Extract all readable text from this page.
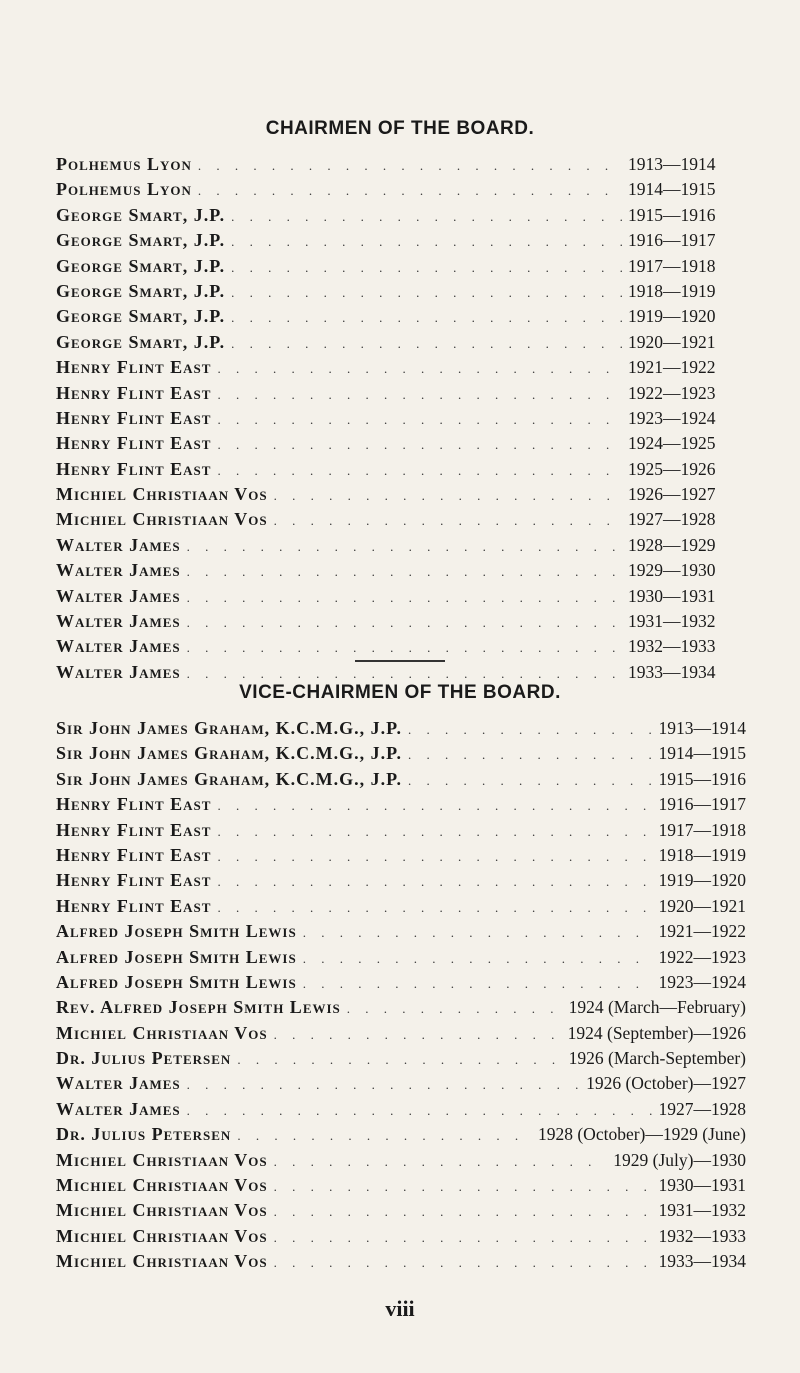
CHAIRMEN OF THE BOARD.
Polhemus Lyon . . .	1913—1914
Polhemus Lyon . . .	1914—1915
George Smart, J.P. . . .	1915—1916
George Smart, J.P. . . .	1916—1917
George Smart, J.P. . . .	1917—1918
George Smart, J.P. . . .	1918—1919
George Smart, J.P. . . .	1919—1920
George Smart, J.P. . . .	1920—1921
Henry Flint East . . .	1921—1922
Henry Flint East . . .	1922—1923
Henry Flint East . . .	1923—1924
Henry Flint East . . .	1924—1925
Henry Flint East . . .	1925—1926
Michiel Christiaan Vos . . .	1926—1927
Michiel Christiaan Vos . . .	1927—1928
Walter James . . .	1928—1929
Walter James . . .	1929—1930
Walter James . . .	1930—1931
Walter James . . .	1931—1932
Walter James . . .	1932—1933
Walter James . . .	1933—1934
VICE-CHAIRMEN OF THE BOARD.
Sir John James Graham, K.C.M.G., J.P. . . .	1913—1914
Sir John James Graham, K.C.M.G., J.P. . . .	1914—1915
Sir John James Graham, K.C.M.G., J.P. . . .	1915—1916
Henry Flint East . . .	1916—1917
Henry Flint East . . .	1917—1918
Henry Flint East . . .	1918—1919
Henry Flint East . . .	1919—1920
Henry Flint East . . .	1920—1921
Alfred Joseph Smith Lewis . . .	1921—1922
Alfred Joseph Smith Lewis . . .	1922—1923
Alfred Joseph Smith Lewis . . .	1923—1924
Rev. Alfred Joseph Smith Lewis . . .	1924 (March—February)
Michiel Christiaan Vos . . .	1924 (September)—1926
Dr. Julius Petersen . . .	1926 (March-September)
Walter James . . .	1926 (October)—1927
Walter James . . .	1927—1928
Dr. Julius Petersen . . .	1928 (October)—1929 (June)
Michiel Christiaan Vos . . .	1929 (July)—1930
Michiel Christiaan Vos . . .	1930—1931
Michiel Christiaan Vos . . .	1931—1932
Michiel Christiaan Vos . . .	1932—1933
Michiel Christiaan Vos . . .	1933—1934
viii
